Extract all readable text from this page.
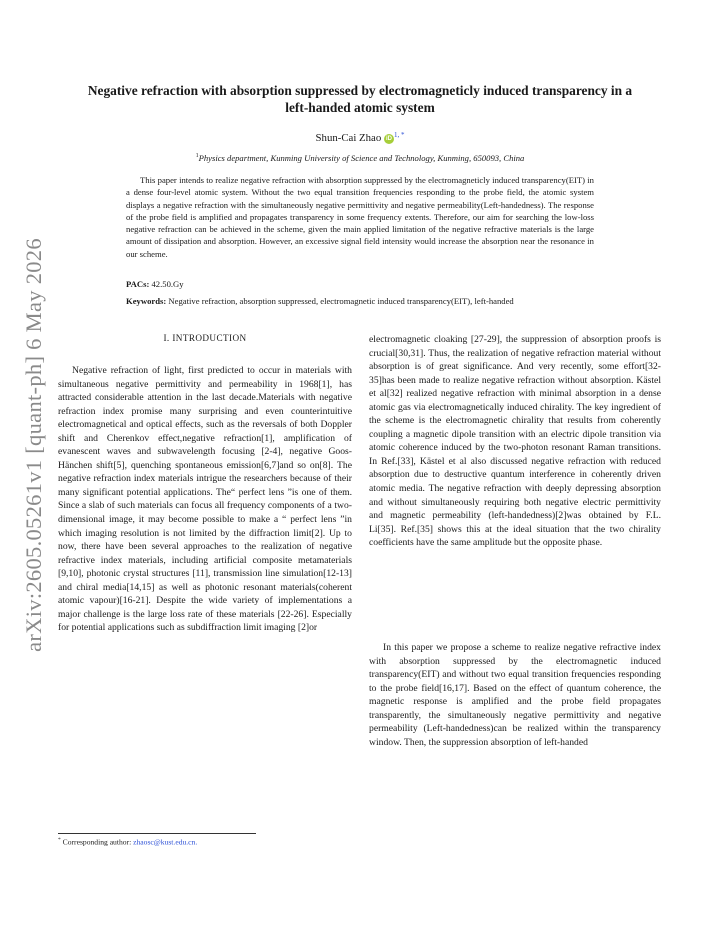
arXiv:2605.05261v1 [quant-ph] 6 May 2026
Negative refraction with absorption suppressed by electromagneticly induced transparency in a left-handed atomic system
Shun-Cai Zhao iD $^{1, *}$
$^1$Physics department, Kunming University of Science and Technology, Kunming, 650093, China
This paper intends to realize negative refraction with absorption suppressed by the electromagneticly induced transparency(EIT) in a dense four-level atomic system. Without the two equal transition frequencies responding to the probe field, the atomic system displays a negative refraction with the simultaneously negative permittivity and negative permeability(Left-handedness). The response of the probe field is amplified and propagates transparency in some frequency extents. Therefore, our aim for searching the low-loss negative refraction can be achieved in the scheme, given the main applied limitation of the negative refractive materials is the large amount of dissipation and absorption. However, an excessive signal field intensity would increase the absorption near the resonance in our scheme.
PACs: 42.50.Gy
Keywords: Negative refraction, absorption suppressed, electromagnetic induced transparency(EIT), left-handed
I. INTRODUCTION

Negative refraction of light, first predicted to occur in materials with simultaneous negative permittivity and permeability in 1968[1], has attracted considerable attention in the last decade.Materials with negative refraction index promise many surprising and even counterintuitive electromagnetical and optical effects, such as the reversals of both Doppler shift and Cherenkov effect,negative refraction[1], amplification of evanescent waves and subwavelength focusing [2-4], negative Goos-Hänchen shift[5], quenching spontaneous emission[6,7]and so on[8]. The negative refraction index materials intrigue the researchers because of their many significant potential applications. The“ perfect lens ”is one of them. Since a slab of such materials can focus all frequency components of a two-dimensional image, it may become possible to make a “ perfect lens ”in which imaging resolution is not limited by the diffraction limit[2]. Up to now, there have been several approaches to the realization of negative refractive index materials, including artificial composite metamaterials [9,10], photonic crystal structures [11], transmission line simulation[12-13] and chiral media[14,15] as well as photonic resonant materials(coherent atomic vapour)[16-21]. Despite the wide variety of implementations a major challenge is the large loss rate of these materials [22-26]. Especially for potential applications such as subdiffraction limit imaging [2]or

electromagnetic cloaking [27-29], the suppression of absorption proofs is crucial[30,31]. Thus, the realization of negative refraction material without absorption is of great significance. And very recently, some effort[32-35]has been made to realize negative refraction without absorption. Kästel et al[32] realized negative refraction with minimal absorption in a dense atomic gas via electromagnetically induced chirality. The key ingredient of the scheme is the electromagnetic chirality that results from coherently coupling a magnetic dipole transition with an electric dipole transition via atomic coherence induced by the two-photon resonant Raman transitions. In Ref.[33], Kästel et al also discussed negative refraction with reduced absorption due to destructive quantum interference in coherently driven atomic media. The negative refraction with deeply depressing absorption and without simultaneously requiring both negative electric permittivity and magnetic permeability (left-handedness)[2]was obtained by F.L. Li[35]. Ref.[35] shows this at the ideal situation that the two chirality coefficients have the same amplitude but the opposite phase.

In this paper we propose a scheme to realize negative refractive index with absorption suppressed by the electromagnetic induced transparency(EIT) and without two equal transition frequencies responding to the probe field[16,17]. Based on the effect of quantum coherence, the magnetic response is amplified and the probe field propagates transparently, the simultaneously negative permittivity and negative permeability (Left-handedness)can be realized within the transparency window. Then, the suppression absorption of left-handed

* Corresponding author: zhaosc@kust.edu.cn.
